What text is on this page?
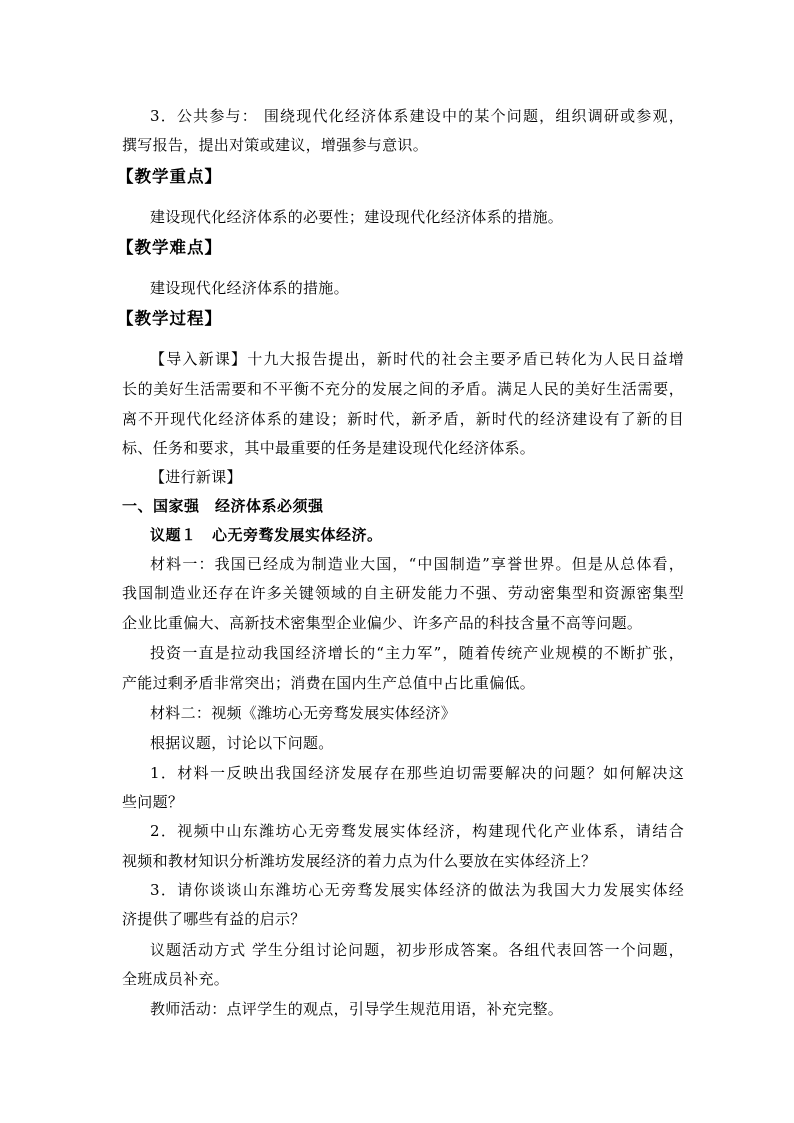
3．公共参与： 围绕现代化经济体系建设中的某个问题，组织调研或参观，
撰写报告，提出对策或建议，增强参与意识。
【教学重点】
建设现代化经济体系的必要性；建设现代化经济体系的措施。
【教学难点】
建设现代化经济体系的措施。
【教学过程】
【导入新课】十九大报告提出，新时代的社会主要矛盾已转化为人民日益增
长的美好生活需要和不平衡不充分的发展之间的矛盾。满足人民的美好生活需要，
离不开现代化经济体系的建设；新时代，新矛盾，新时代的经济建设有了新的目
标、任务和要求，其中最重要的任务是建设现代化经济体系。
【进行新课】
一、国家强　经济体系必须强
议题１　心无旁骛发展实体经济。
材料一：我国已经成为制造业大国，“中国制造”享誉世界。但是从总体看，
我国制造业还存在许多关键领域的自主研发能力不强、劳动密集型和资源密集型
企业比重偏大、高新技术密集型企业偏少、许多产品的科技含量不高等问题。
投资一直是拉动我国经济增长的“主力军”，随着传统产业规模的不断扩张，
产能过剩矛盾非常突出；消费在国内生产总值中占比重偏低。
材料二：视频《潍坊心无旁骛发展实体经济》
根据议题，讨论以下问题。
1．材料一反映出我国经济发展存在那些迫切需要解决的问题？如何解决这
些问题？
2．视频中山东潍坊心无旁骛发展实体经济，构建现代化产业体系，请结合
视频和教材知识分析潍坊发展经济的着力点为什么要放在实体经济上？
3．请你谈谈山东潍坊心无旁骛发展实体经济的做法为我国大力发展实体经
济提供了哪些有益的启示？
议题活动方式 学生分组讨论问题，初步形成答案。各组代表回答一个问题，
全班成员补充。
教师活动：点评学生的观点，引导学生规范用语，补充完整。
